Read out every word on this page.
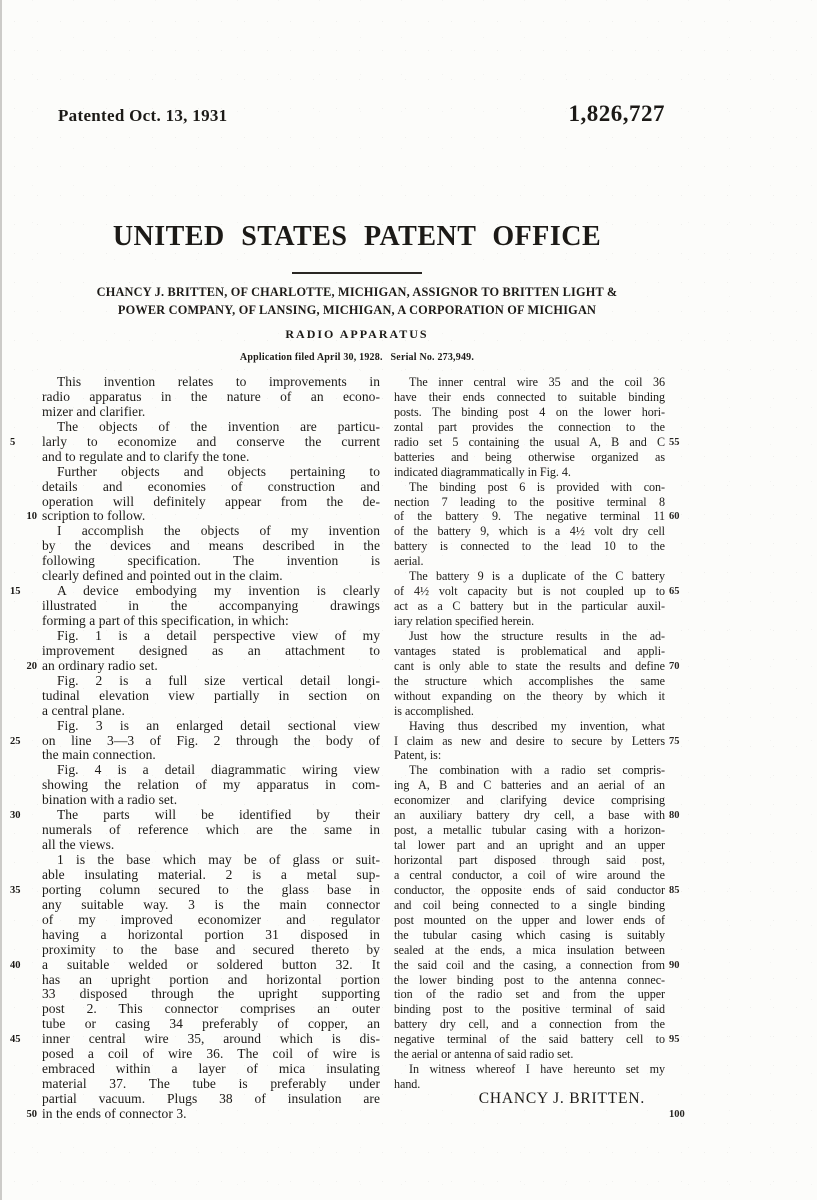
Patented Oct. 13, 1931	1,826,727
UNITED STATES PATENT OFFICE
CHANCY J. BRITTEN, OF CHARLOTTE, MICHIGAN, ASSIGNOR TO BRITTEN LIGHT &
POWER COMPANY, OF LANSING, MICHIGAN, A CORPORATION OF MICHIGAN
RADIO APPARATUS
Application filed April 30, 1928.  Serial No. 273,949.
This invention relates to improvements in
radio apparatus in the nature of an econo-
mizer and clarifier.
The objects of the invention are particu-
larly to economize and conserve the current
5
and to regulate and to clarify the tone.
Further objects and objects pertaining to
details and economies of construction and
operation will definitely appear from the de-
scription to follow.
10
I accomplish the objects of my invention
by the devices and means described in the
following specification. The invention is
clearly defined and pointed out in the claim.
A device embodying my invention is clearly
15
illustrated in the accompanying drawings
forming a part of this specification, in which:
Fig. 1 is a detail perspective view of my
improvement designed as an attachment to
an ordinary radio set.
20
Fig. 2 is a full size vertical detail longi-
tudinal elevation view partially in section on
a central plane.
Fig. 3 is an enlarged detail sectional view
on line 3—3 of Fig. 2 through the body of
25
the main connection.
Fig. 4 is a detail diagrammatic wiring view
showing the relation of my apparatus in com-
bination with a radio set.
The parts will be identified by their
30
numerals of reference which are the same in
all the views.
1 is the base which may be of glass or suit-
able insulating material. 2 is a metal sup-
porting column secured to the glass base in
35
any suitable way. 3 is the main connector
of my improved economizer and regulator
having a horizontal portion 31 disposed in
proximity to the base and secured thereto by
a suitable welded or soldered button 32. It
40
has an upright portion and horizontal portion
33 disposed through the upright supporting
post 2. This connector comprises an outer
tube or casing 34 preferably of copper, an
inner central wire 35, around which is dis-
45
posed a coil of wire 36. The coil of wire is
embraced within a layer of mica insulating
material 37. The tube is preferably under
partial vacuum. Plugs 38 of insulation are
in the ends of connector 3.
50
The inner central wire 35 and the coil 36
have their ends connected to suitable binding
posts. The binding post 4 on the lower hori-
zontal part provides the connection to the
radio set 5 containing the usual A, B and C 55
batteries and being otherwise organized as
indicated diagrammatically in Fig. 4.
The binding post 6 is provided with con-
nection 7 leading to the positive terminal 8
of the battery 9. The negative terminal 11 60
of the battery 9, which is a 4½ volt dry cell
battery is connected to the lead 10 to the
aerial.
The battery 9 is a duplicate of the C battery
of 4½ volt capacity but is not coupled up to 65
act as a C battery but in the particular auxil-
iary relation specified herein.
Just how the structure results in the ad-
vantages stated is problematical and appli-
cant is only able to state the results and define 70
the structure which accomplishes the same
without expanding on the theory by which it
is accomplished.
Having thus described my invention, what
I claim as new and desire to secure by Letters 75
Patent, is:
The combination with a radio set compris-
ing A, B and C batteries and an aerial of an
economizer and clarifying device comprising
an auxiliary battery dry cell, a base with 80
post, a metallic tubular casing with a horizon-
tal lower part and an upright and an upper
horizontal part disposed through said post,
a central conductor, a coil of wire around the
conductor, the opposite ends of said conductor 85
and coil being connected to a single binding
post mounted on the upper and lower ends of
the tubular casing which casing is suitably
sealed at the ends, a mica insulation between
the said coil and the casing, a connection from 90
the lower binding post to the antenna connec-
tion of the radio set and from the upper
binding post to the positive terminal of said
battery dry cell, and a connection from the
negative terminal of the said battery cell to 95
the aerial or antenna of said radio set.
In witness whereof I have hereunto set my
hand.
CHANCY J. BRITTEN.
100
